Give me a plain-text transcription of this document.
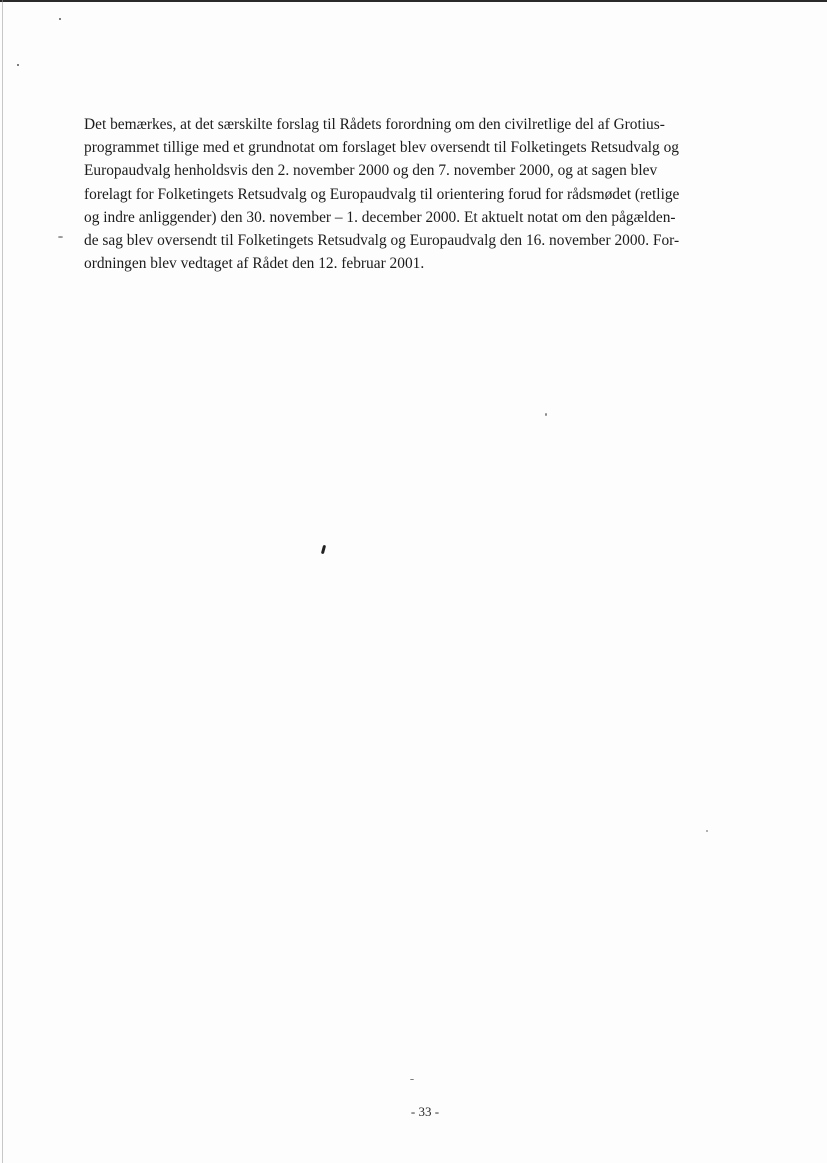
Det bemærkes, at det særskilte forslag til Rådets forordning om den civilretlige del af Grotius-
programmet tillige med et grundnotat om forslaget blev oversendt til Folketingets Retsudvalg og
Europaudvalg henholdsvis den 2. november 2000 og den 7. november 2000, og at sagen blev
forelagt for Folketingets Retsudvalg og Europaudvalg til orientering forud for rådsmødet (retlige
og indre anliggender) den 30. november – 1. december 2000. Et aktuelt notat om den pågælden-
de sag blev oversendt til Folketingets Retsudvalg og Europaudvalg den 16. november 2000. For-
ordningen blev vedtaget af Rådet den 12. februar 2001.

- 33 -
